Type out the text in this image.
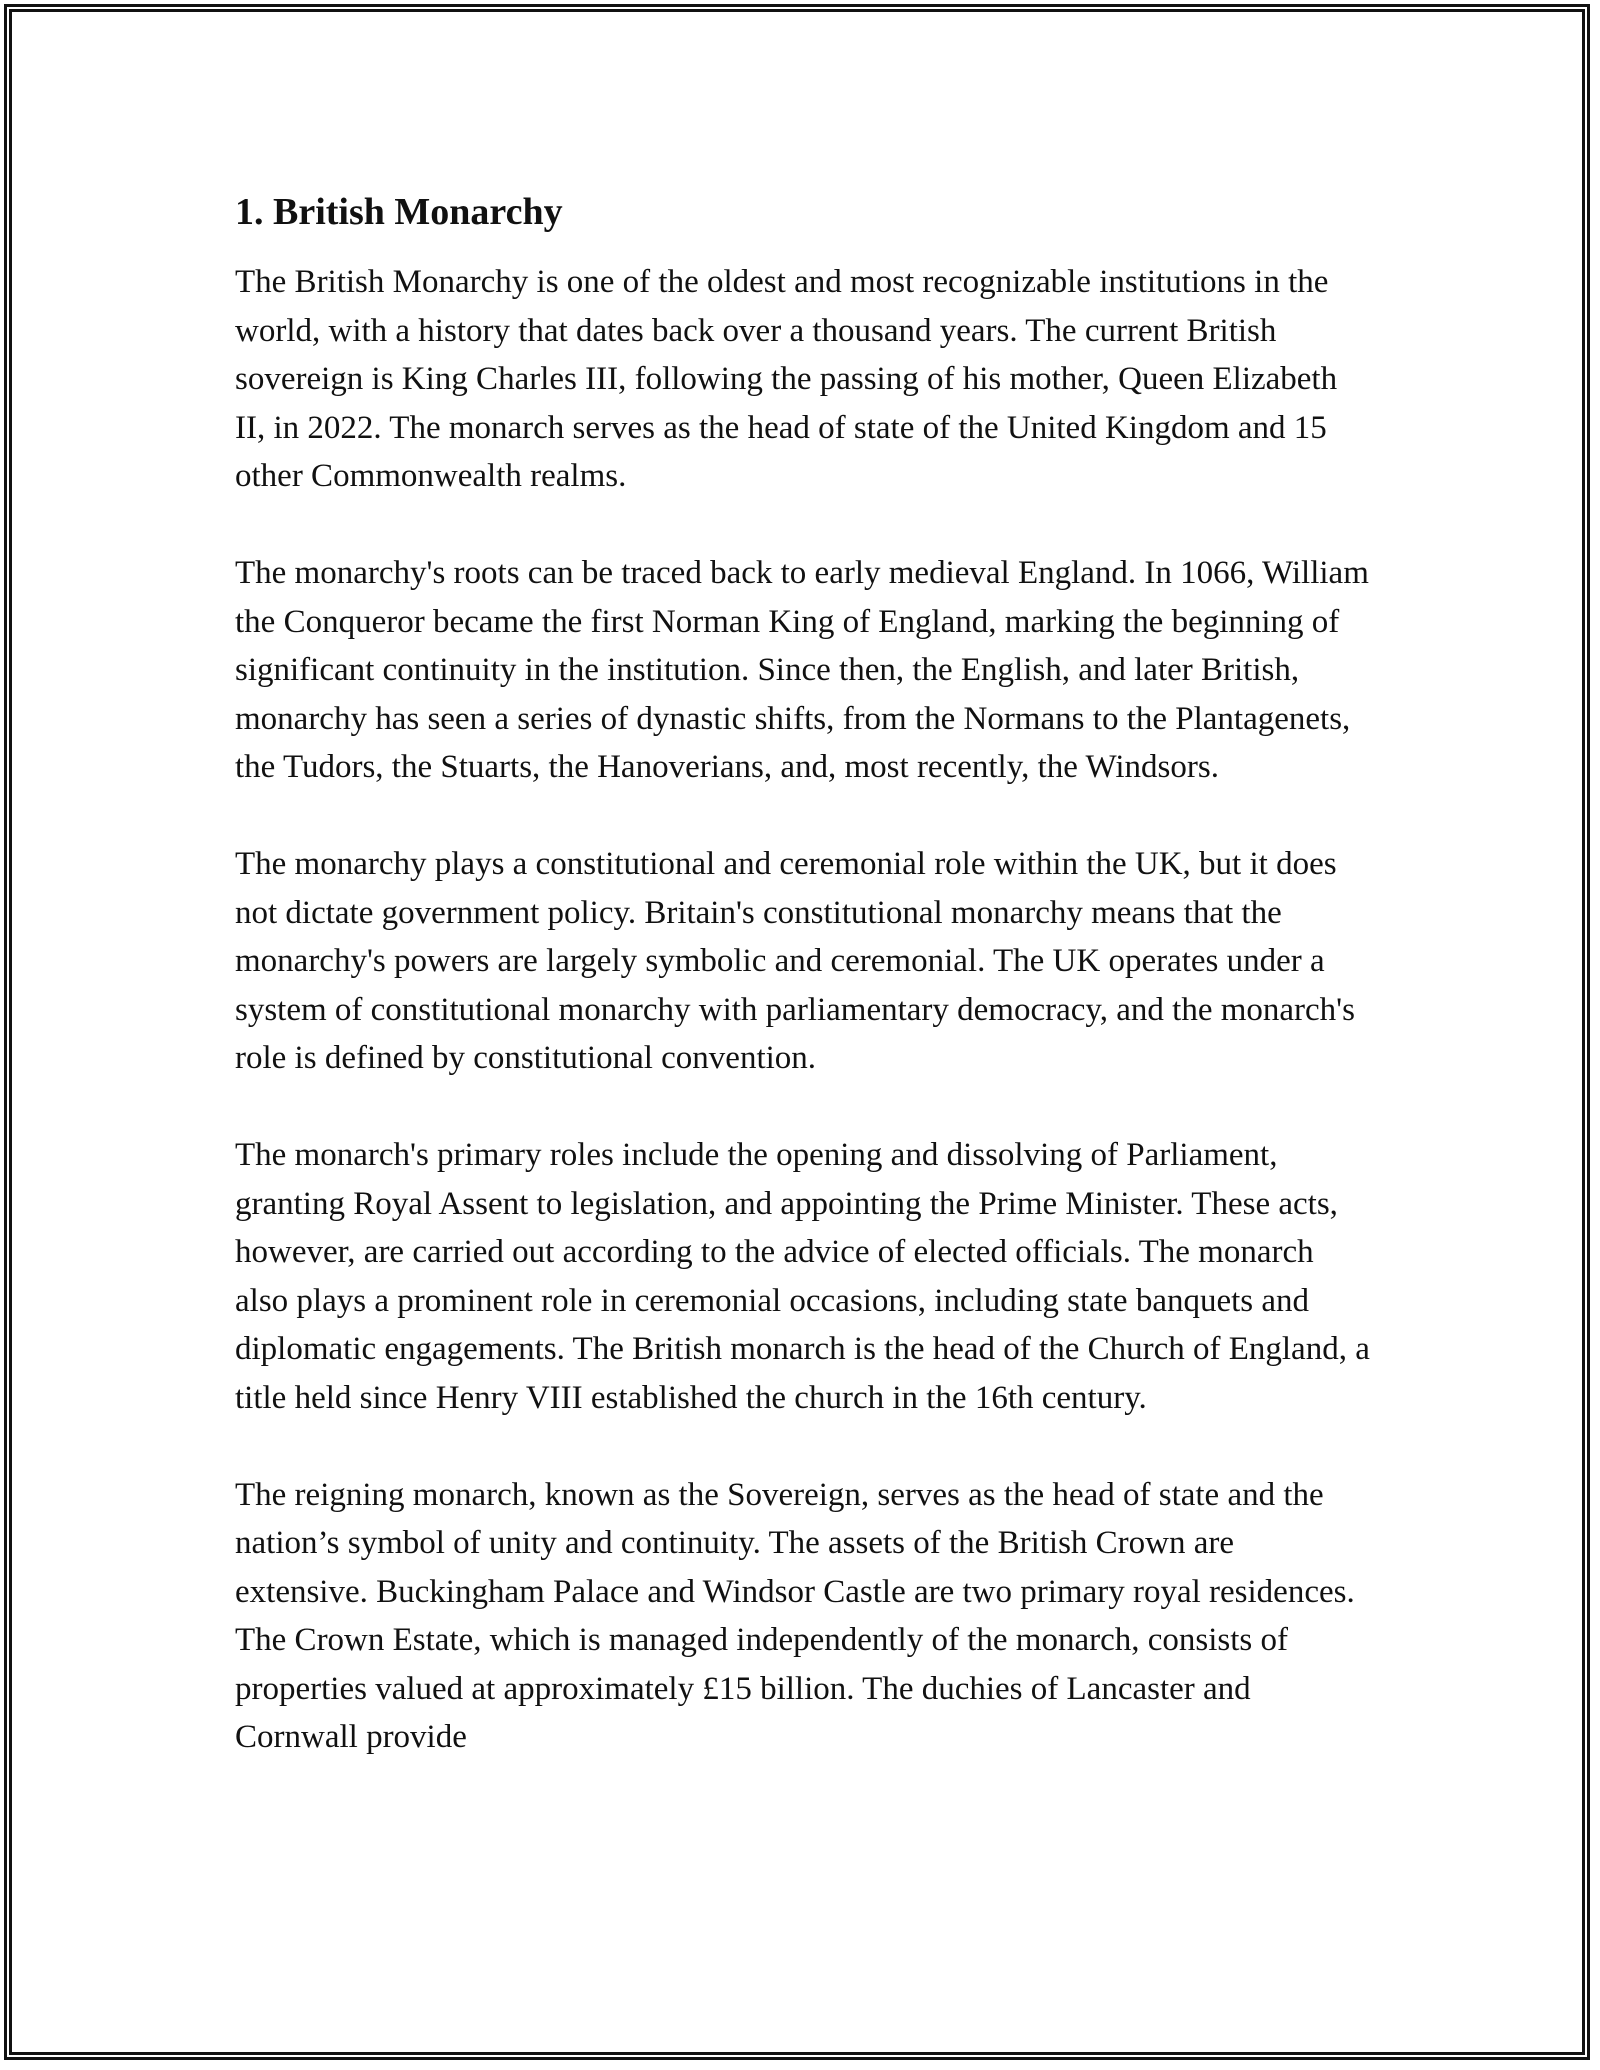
1. British Monarchy

The British Monarchy is one of the oldest and most recognizable institutions in the world, with a history that dates back over a thousand years. The current British sovereign is King Charles III, following the passing of his mother, Queen Elizabeth II, in 2022. The monarch serves as the head of state of the United Kingdom and 15 other Commonwealth realms.

The monarchy's roots can be traced back to early medieval England. In 1066, William the Conqueror became the first Norman King of England, marking the beginning of significant continuity in the institution. Since then, the English, and later British, monarchy has seen a series of dynastic shifts, from the Normans to the Plantagenets, the Tudors, the Stuarts, the Hanoverians, and, most recently, the Windsors.

The monarchy plays a constitutional and ceremonial role within the UK, but it does not dictate government policy. Britain's constitutional monarchy means that the monarchy's powers are largely symbolic and ceremonial. The UK operates under a system of constitutional monarchy with parliamentary democracy, and the monarch's role is defined by constitutional convention.

The monarch's primary roles include the opening and dissolving of Parliament, granting Royal Assent to legislation, and appointing the Prime Minister. These acts, however, are carried out according to the advice of elected officials. The monarch also plays a prominent role in ceremonial occasions, including state banquets and diplomatic engagements. The British monarch is the head of the Church of England, a title held since Henry VIII established the church in the 16th century.

The reigning monarch, known as the Sovereign, serves as the head of state and the nation’s symbol of unity and continuity. The assets of the British Crown are extensive. Buckingham Palace and Windsor Castle are two primary royal residences. The Crown Estate, which is managed independently of the monarch, consists of properties valued at approximately £15 billion. The duchies of Lancaster and Cornwall provide
